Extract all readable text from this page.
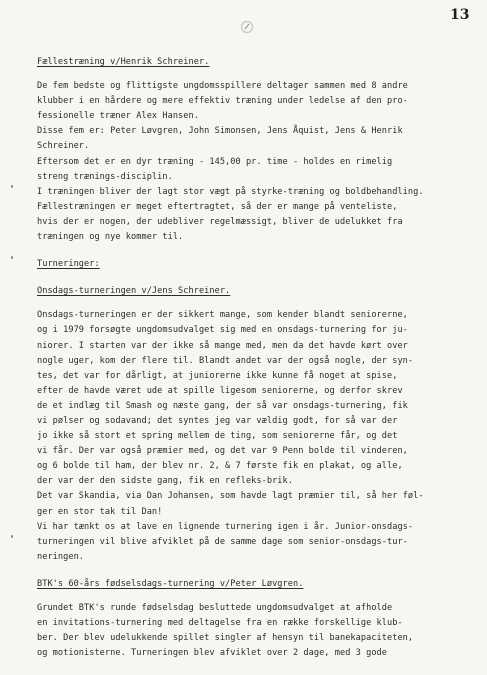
13
Fællestræning v/Henrik Schreiner.
De fem bedste og flittigste ungdomsspillere deltager sammen med 8 andre
klubber i en hårdere og mere effektiv træning under ledelse af den pro-
fessionelle træner Alex Hansen.
Disse fem er: Peter Løvgren, John Simonsen, Jens Åquist, Jens & Henrik
Schreiner.
Eftersom det er en dyr træning - 145,00 pr. time - holdes en rimelig
streng trænings-disciplin.
I træningen bliver der lagt stor vægt på styrke-træning og boldbehandling.
Fællestræningen er meget eftertragtet, så der er mange på venteliste,
hvis der er nogen, der udebliver regelmæssigt, bliver de udelukket fra
træningen og nye kommer til.
Turneringer:
Onsdags-turneringen v/Jens Schreiner.
Onsdags-turneringen er der sikkert mange, som kender blandt seniorerne,
og i 1979 forsøgte ungdomsudvalget sig med en onsdags-turnering for ju-
niorer. I starten var der ikke så mange med, men da det havde kørt over
nogle uger, kom der flere til. Blandt andet var der også nogle, der syn-
tes, det var for dårligt, at juniorerne ikke kunne få noget at spise,
efter de havde været ude at spille ligesom seniorerne, og derfor skrev
de et indlæg til Smash og næste gang, der så var onsdags-turnering, fik
vi pølser og sodavand; det syntes jeg var vældig godt, for så var der
jo ikke så stort et spring mellem de ting, som seniorerne får, og det
vi får. Der var også præmier med, og det var 9 Penn bolde til vinderen,
og 6 bolde til ham, der blev nr. 2, & 7 første fik en plakat, og alle,
der var der den sidste gang, fik en refleks-brik.
Det var Skandia, via Dan Johansen, som havde lagt præmier til, så her føl-
ger en stor tak til Dan!
Vi har tænkt os at lave en lignende turnering igen i år. Junior-onsdags-
turneringen vil blive afviklet på de samme dage som senior-onsdags-tur-
neringen.
BTK's 60-års fødselsdags-turnering v/Peter Løvgren.
Grundet BTK's runde fødselsdag besluttede ungdomsudvalget at afholde
en invitations-turnering med deltagelse fra en række forskellige klub-
ber. Der blev udelukkende spillet singler af hensyn til banekapaciteten,
og motionisterne. Turneringen blev afviklet over 2 dage, med 3 gode
